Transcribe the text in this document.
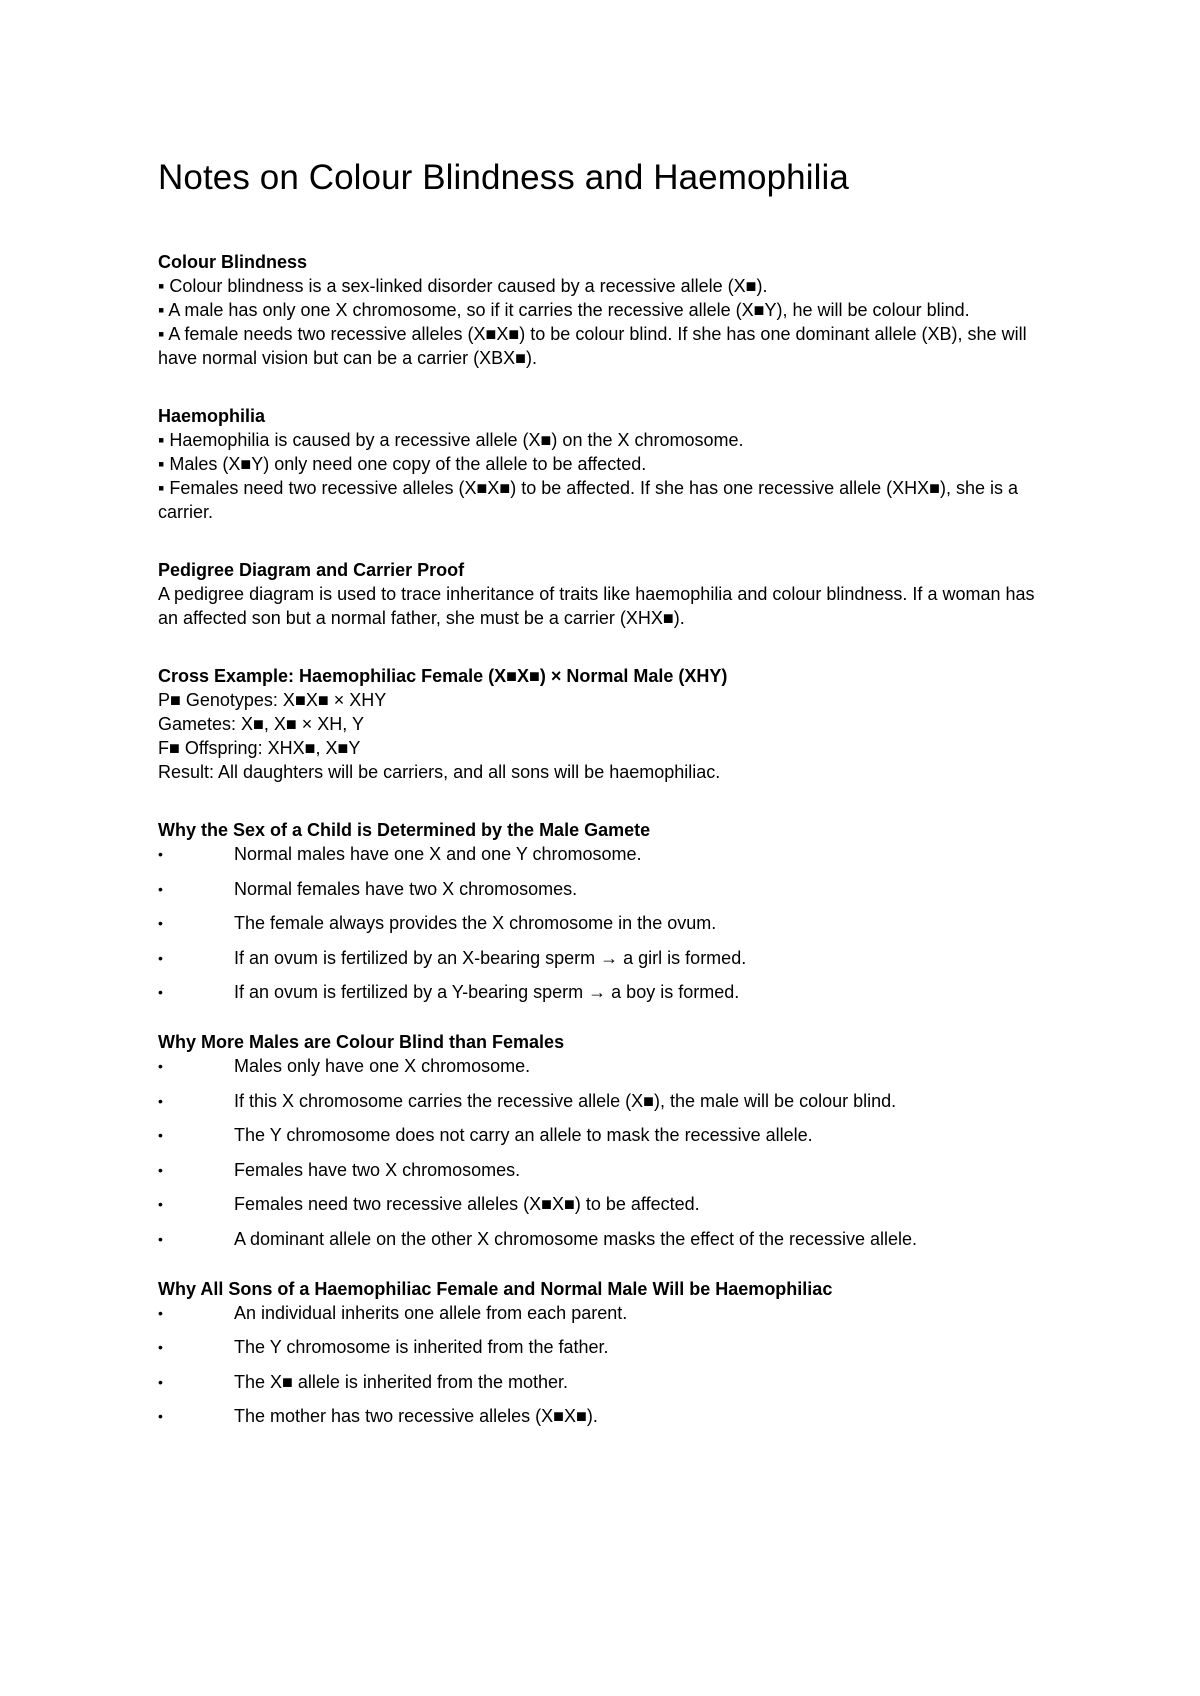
Notes on Colour Blindness and Haemophilia
Colour Blindness

▪ Colour blindness is a sex-linked disorder caused by a recessive allele (X■).

▪ A male has only one X chromosome, so if it carries the recessive allele (X■Y), he will be colour blind.

▪ A female needs two recessive alleles (X■X■) to be colour blind. If she has one dominant allele (XB), she will have normal vision but can be a carrier (XBX■).

Haemophilia

▪ Haemophilia is caused by a recessive allele (X■) on the X chromosome.

▪ Males (X■Y) only need one copy of the allele to be affected.

▪ Females need two recessive alleles (X■X■) to be affected. If she has one recessive allele (XHX■), she is a carrier.

Pedigree Diagram and Carrier Proof

A pedigree diagram is used to trace inheritance of traits like haemophilia and colour blindness. If a woman has an affected son but a normal father, she must be a carrier (XHX■).

Cross Example: Haemophiliac Female (X■X■) × Normal Male (XHY)

P■ Genotypes: X■X■ × XHY

Gametes: X■, X■ × XH, Y

F■ Offspring: XHX■, X■Y

Result: All daughters will be carriers, and all sons will be haemophiliac.

Why the Sex of a Child is Determined by the Male Gamete
•	Normal males have one X and one Y chromosome.
•	Normal females have two X chromosomes.
•	The female always provides the X chromosome in the ovum.
•	If an ovum is fertilized by an X-bearing sperm → a girl is formed.
•	If an ovum is fertilized by a Y-bearing sperm → a boy is formed.
Why More Males are Colour Blind than Females
•	Males only have one X chromosome.
•	If this X chromosome carries the recessive allele (X■), the male will be colour blind.
•	The Y chromosome does not carry an allele to mask the recessive allele.
•	Females have two X chromosomes.
•	Females need two recessive alleles (X■X■) to be affected.
•	A dominant allele on the other X chromosome masks the effect of the recessive allele.
Why All Sons of a Haemophiliac Female and Normal Male Will be Haemophiliac
•	An individual inherits one allele from each parent.
•	The Y chromosome is inherited from the father.
•	The X■ allele is inherited from the mother.
•	The mother has two recessive alleles (X■X■).
